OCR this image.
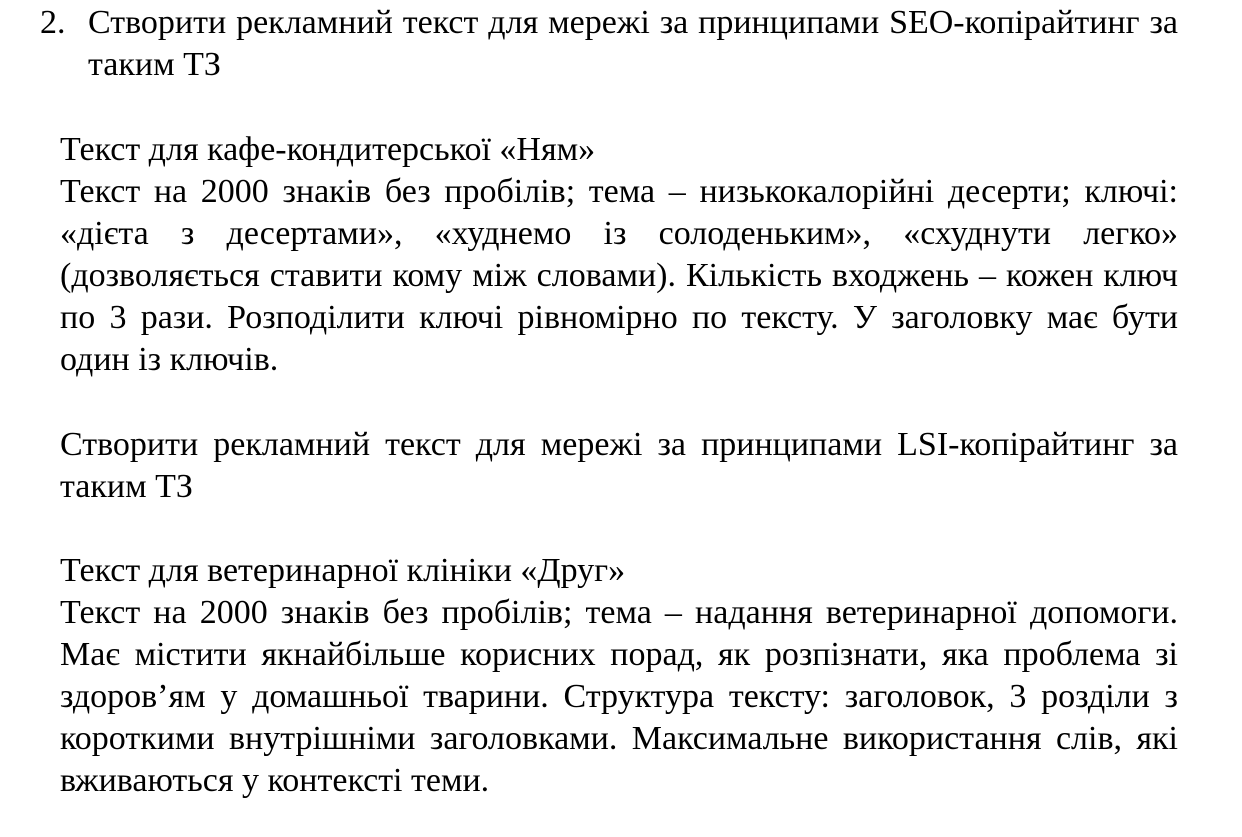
2. Створити рекламний текст для мережі за принципами SEO-копірайтинг за таким ТЗ
Текст для кафе-кондитерської «Ням»
Текст на 2000 знаків без пробілів; тема – низькокалорійні десерти; ключі: «дієта з десертами», «худнемо із солоденьким», «схуднути легко» (дозволяється ставити кому між словами). Кількість входжень – кожен ключ по 3 рази. Розподілити ключі рівномірно по тексту. У заголовку має бути один із ключів.
Створити рекламний текст для мережі за принципами LSI-копірайтинг за таким ТЗ
Текст для ветеринарної клініки «Друг»
Текст на 2000 знаків без пробілів; тема – надання ветеринарної допомоги. Має містити якнайбільше корисних порад, як розпізнати, яка проблема зі здоров’ям у домашньої тварини. Структура тексту: заголовок, 3 розділи з короткими внутрішніми заголовками. Максимальне використання слів, які вживаються у контексті теми.
